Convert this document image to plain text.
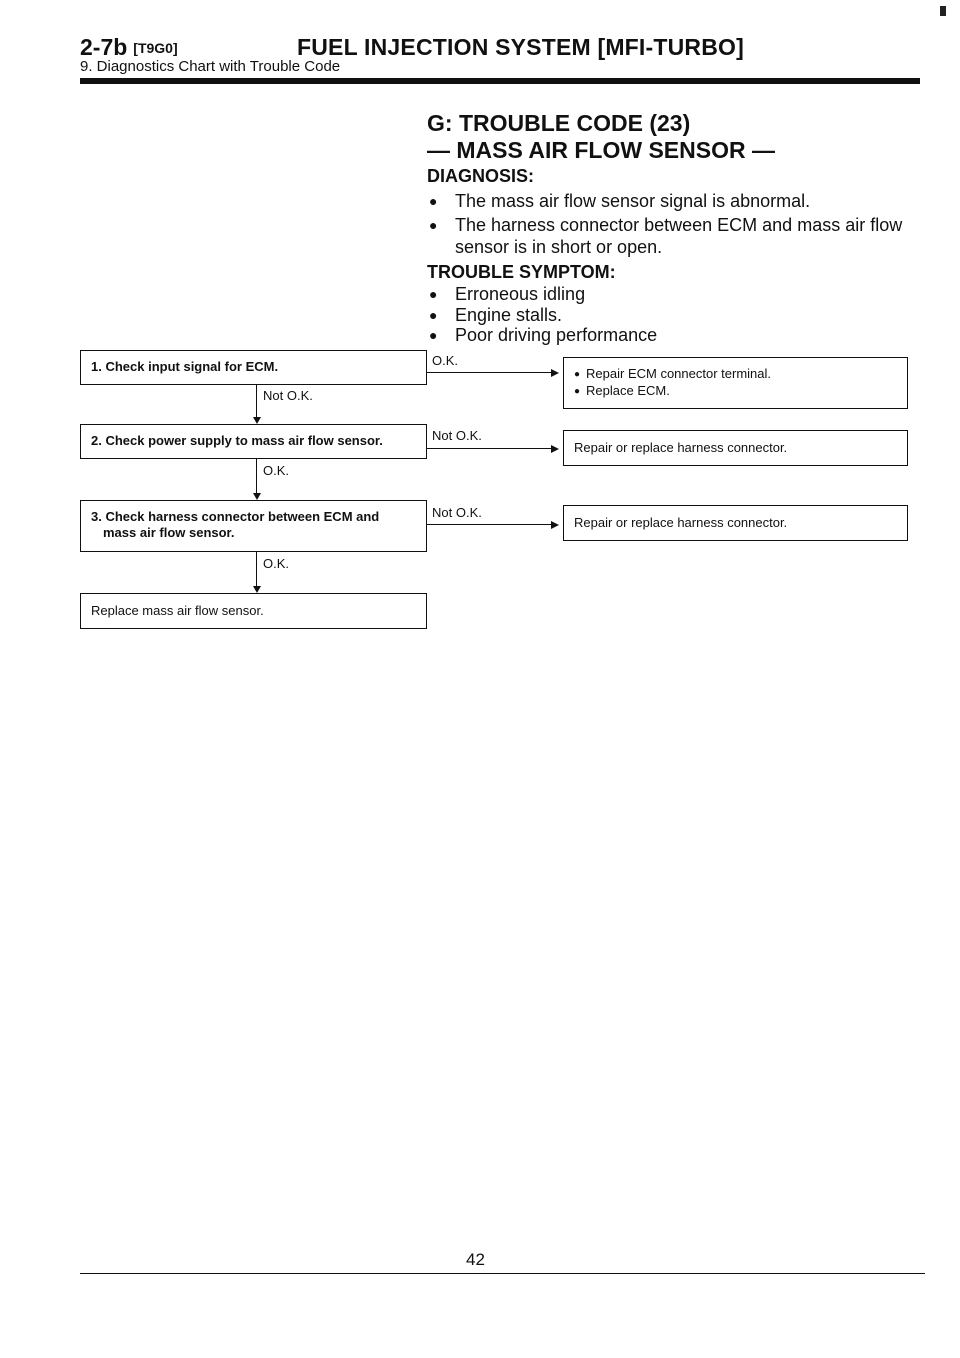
2-7b [T9G0]	FUEL INJECTION SYSTEM [MFI-TURBO]
9. Diagnostics Chart with Trouble Code
G: TROUBLE CODE (23)
— MASS AIR FLOW SENSOR —
DIAGNOSIS:
● The mass air flow sensor signal is abnormal.
● The harness connector between ECM and mass air flow
sensor is in short or open.
TROUBLE SYMPTOM:
● Erroneous idling
● Engine stalls.
● Poor driving performance
1. Check input signal for ECM.	O.K.
● Repair ECM connector terminal.
● Replace ECM.
Not O.K.
2. Check power supply to mass air flow sensor.	Not O.K.
Repair or replace harness connector.
O.K.
3. Check harness connector between ECM and
mass air flow sensor.
Not O.K.
Repair or replace harness connector.
O.K.
Replace mass air flow sensor.
42
